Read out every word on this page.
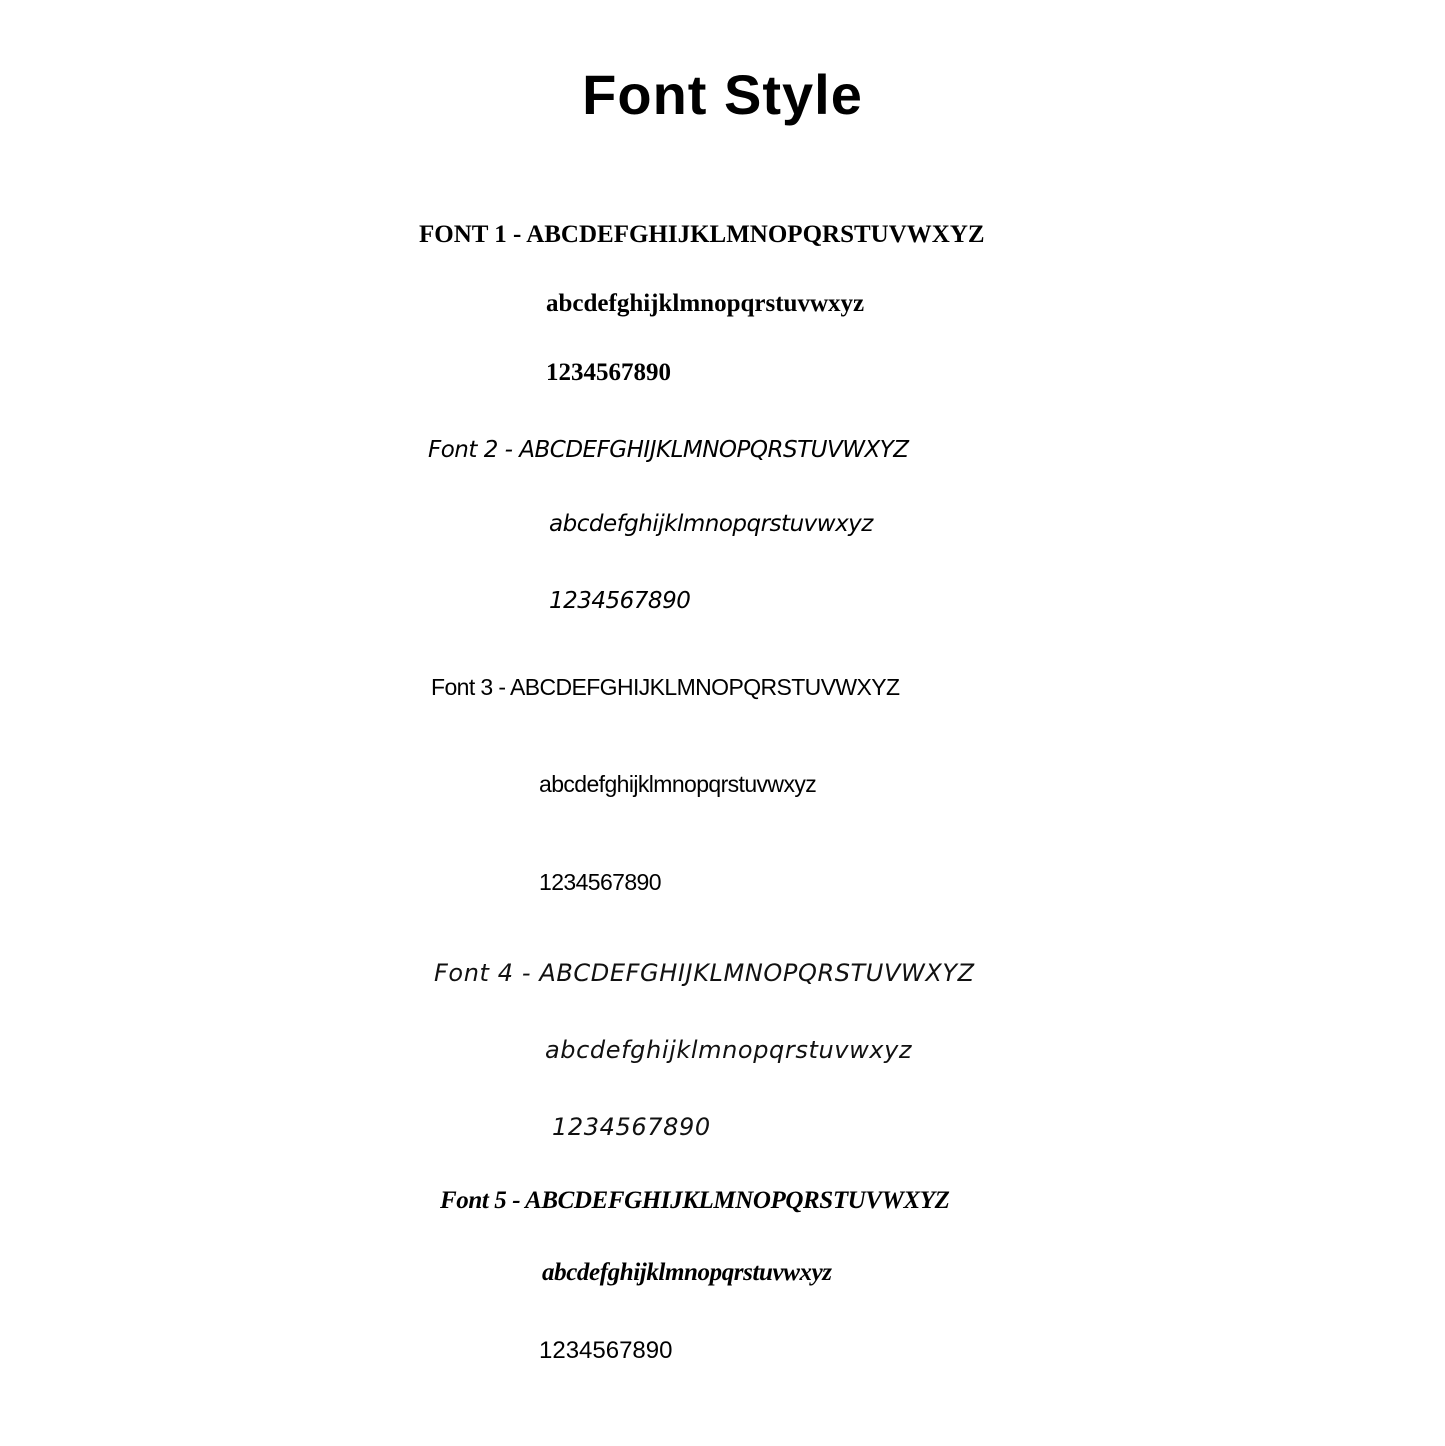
Font Style
FONT 1 - ABCDEFGHIJKLMNOPQRSTUVWXYZ
abcdefghijklmnopqrstuvwxyz
1234567890
Font 2 - ABCDEFGHIJKLMNOPQRSTUVWXYZ
abcdefghijklmnopqrstuvwxyz
1234567890
Font 3 - ABCDEFGHIJKLMNOPQRSTUVWXYZ
abcdefghijklmnopqrstuvwxyz
1234567890
Font 4 - ABCDEFGHIJKLMNOPQRSTUVWXYZ
abcdefghijklmnopqrstuvwxyz
1234567890
Font 5 - ABCDEFGHIJKLMNOPQRSTUVWXYZ
abcdefghijklmnopqrstuvwxyz
1234567890
